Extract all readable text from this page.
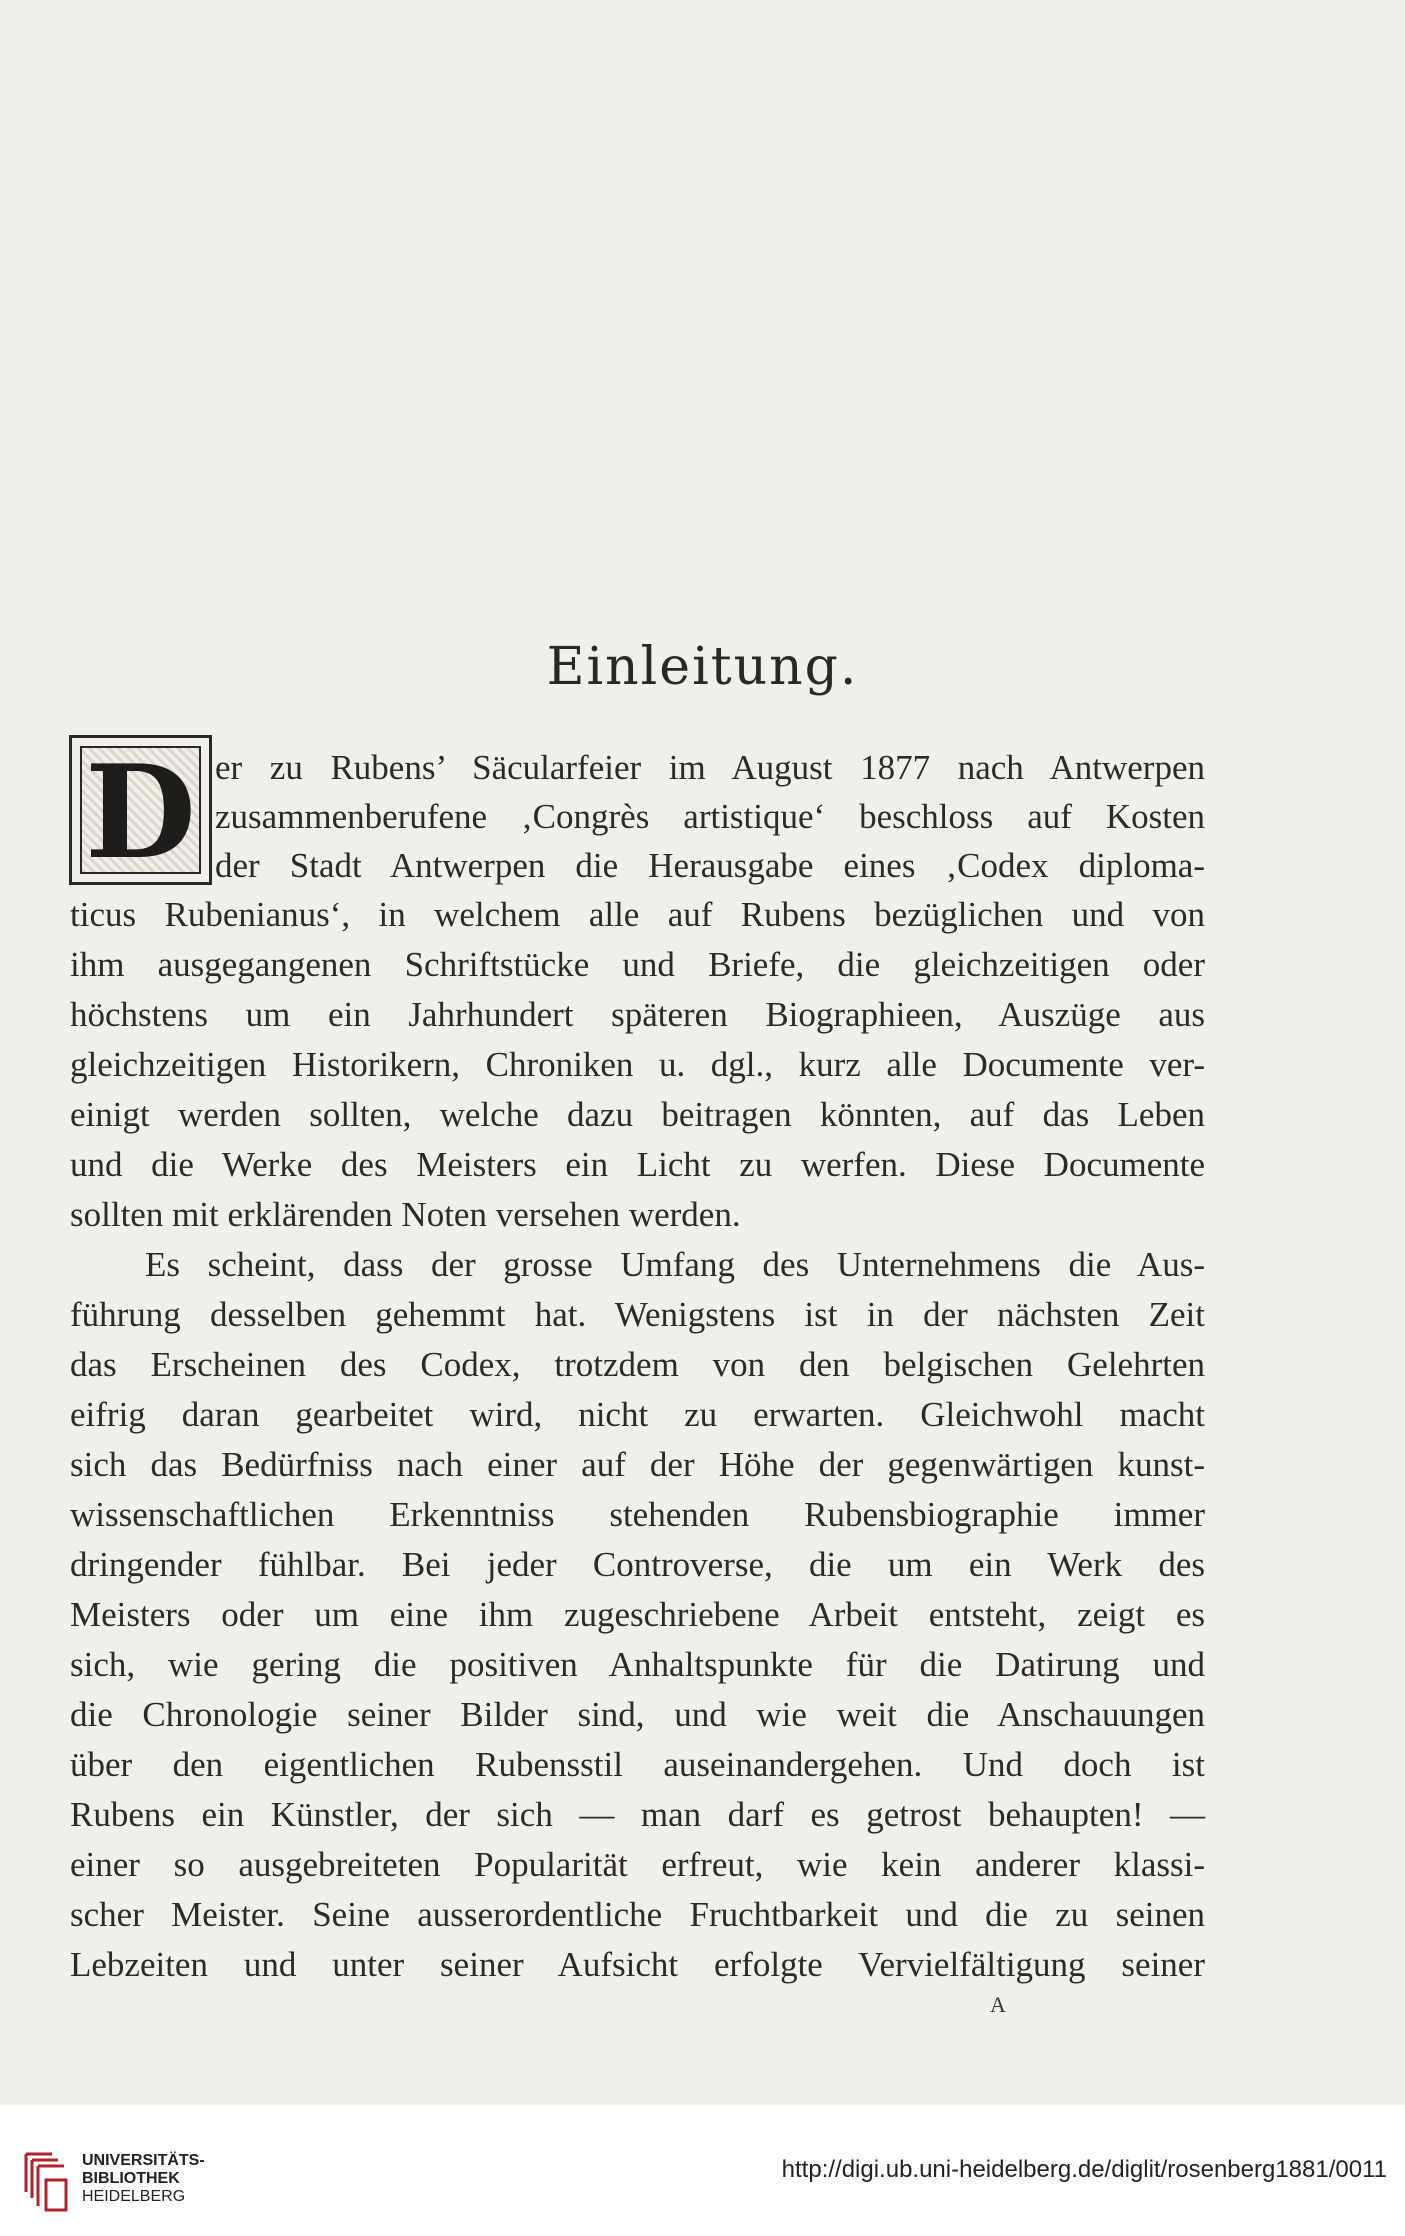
Einleitung.
D er zu Rubens’ Säcularfeier im August 1877 nach Antwerpen
zusammenberufene ‚Congrès artistique‘ beschloss auf Kosten
der Stadt Antwerpen die Herausgabe eines ‚Codex diploma-
ticus Rubenianus‘, in welchem alle auf Rubens bezüglichen und von
ihm ausgegangenen Schriftstücke und Briefe, die gleichzeitigen oder
höchstens um ein Jahrhundert späteren Biographieen, Auszüge aus
gleichzeitigen Historikern, Chroniken u. dgl., kurz alle Documente ver-
einigt werden sollten, welche dazu beitragen könnten, auf das Leben
und die Werke des Meisters ein Licht zu werfen. Diese Documente
sollten mit erklärenden Noten versehen werden.
Es scheint, dass der grosse Umfang des Unternehmens die Aus-
führung desselben gehemmt hat. Wenigstens ist in der nächsten Zeit
das Erscheinen des Codex, trotzdem von den belgischen Gelehrten
eifrig daran gearbeitet wird, nicht zu erwarten. Gleichwohl macht
sich das Bedürfniss nach einer auf der Höhe der gegenwärtigen kunst-
wissenschaftlichen Erkenntniss stehenden Rubensbiographie immer
dringender fühlbar. Bei jeder Controverse, die um ein Werk des
Meisters oder um eine ihm zugeschriebene Arbeit entsteht, zeigt es
sich, wie gering die positiven Anhaltspunkte für die Datirung und
die Chronologie seiner Bilder sind, und wie weit die Anschauungen
über den eigentlichen Rubensstil auseinandergehen. Und doch ist
Rubens ein Künstler, der sich — man darf es getrost behaupten! —
einer so ausgebreiteten Popularität erfreut, wie kein anderer klassi-
scher Meister. Seine ausserordentliche Fruchtbarkeit und die zu seinen
Lebzeiten und unter seiner Aufsicht erfolgte Vervielfältigung seiner
A
UNIVERSITÄTS-
BIBLIOTHEK
HEIDELBERG
http://digi.ub.uni-heidelberg.de/diglit/rosenberg1881/0011
